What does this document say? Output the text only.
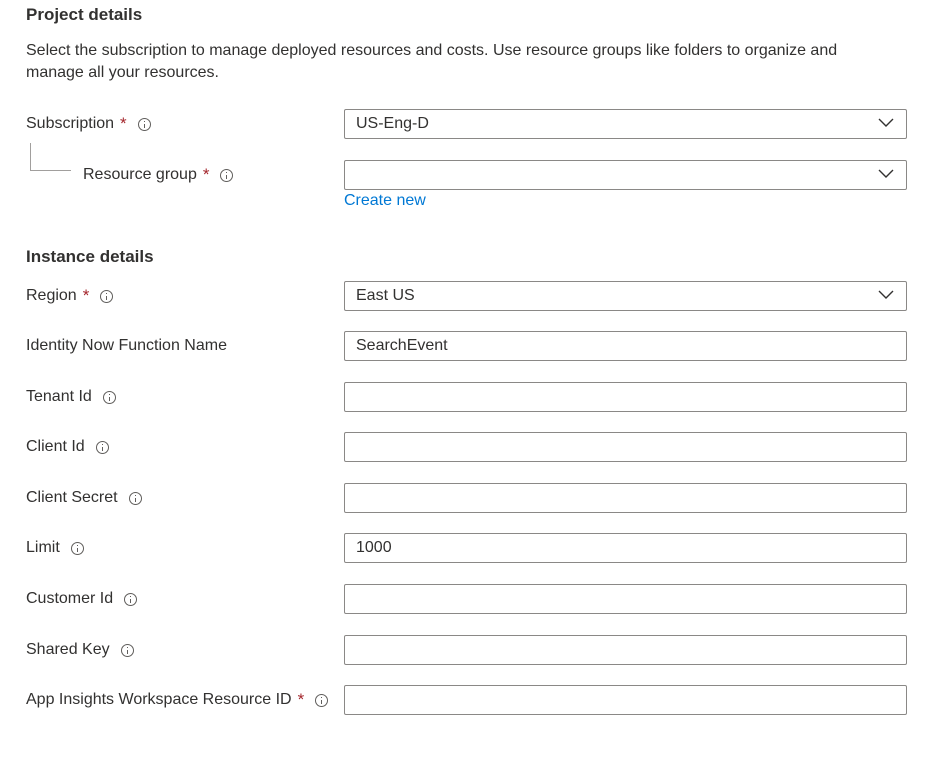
Project details
Select the subscription to manage deployed resources and costs. Use resource groups like folders to organize and manage all your resources.
Subscription *	US-Eng-D
Resource group *
Create new
Instance details
Region *	East US
Identity Now Function Name
SearchEvent
Tenant Id
Client Id
Client Secret
Limit
1000
Customer Id
Shared Key
App Insights Workspace Resource ID *
